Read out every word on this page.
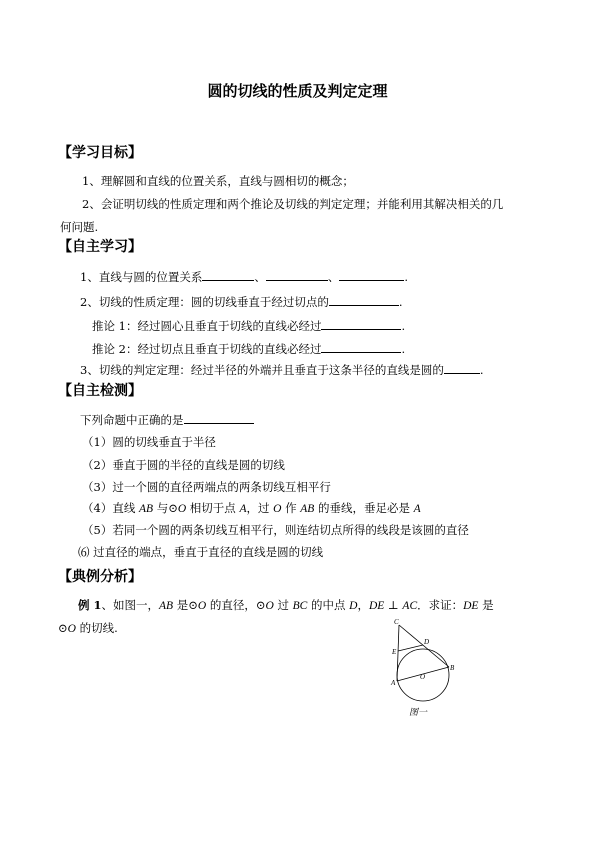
圆的切线的性质及判定定理
【学习目标】
1、理解圆和直线的位置关系，直线与圆相切的概念；
2、会证明切线的性质定理和两个推论及切线的判定定理；并能利用其解决相关的几
何问题.
【自主学习】
1、直线与圆的位置关系	、	、	.
2、切线的性质定理：圆的切线垂直于经过切点的	.
推论 1：经过圆心且垂直于切线的直线必经过	.
推论 2：经过切点且垂直于切线的直线必经过	.
3、切线的判定定理：经过半径的外端并且垂直于这条半径的直线是圆的	.
【自主检测】
下列命题中正确的是
（1）圆的切线垂直于半径
（2）垂直于圆的半径的直线是圆的切线
（3）过一个圆的直径两端点的两条切线互相平行
（4）直线 AB 与⊙O 相切于点 A，过 O 作 AB 的垂线，垂足必是 A
（5）若同一个圆的两条切线互相平行，则连结切点所得的线段是该圆的直径
⑹ 过直径的端点，垂直于直径的直线是圆的切线
【典例分析】
例 1、如图一，AB 是⊙O 的直径，⊙O 过 BC 的中点 D，DE ⊥ AC．求证：DE 是
⊙O 的切线.	C
D
E
B
O
A
图一
